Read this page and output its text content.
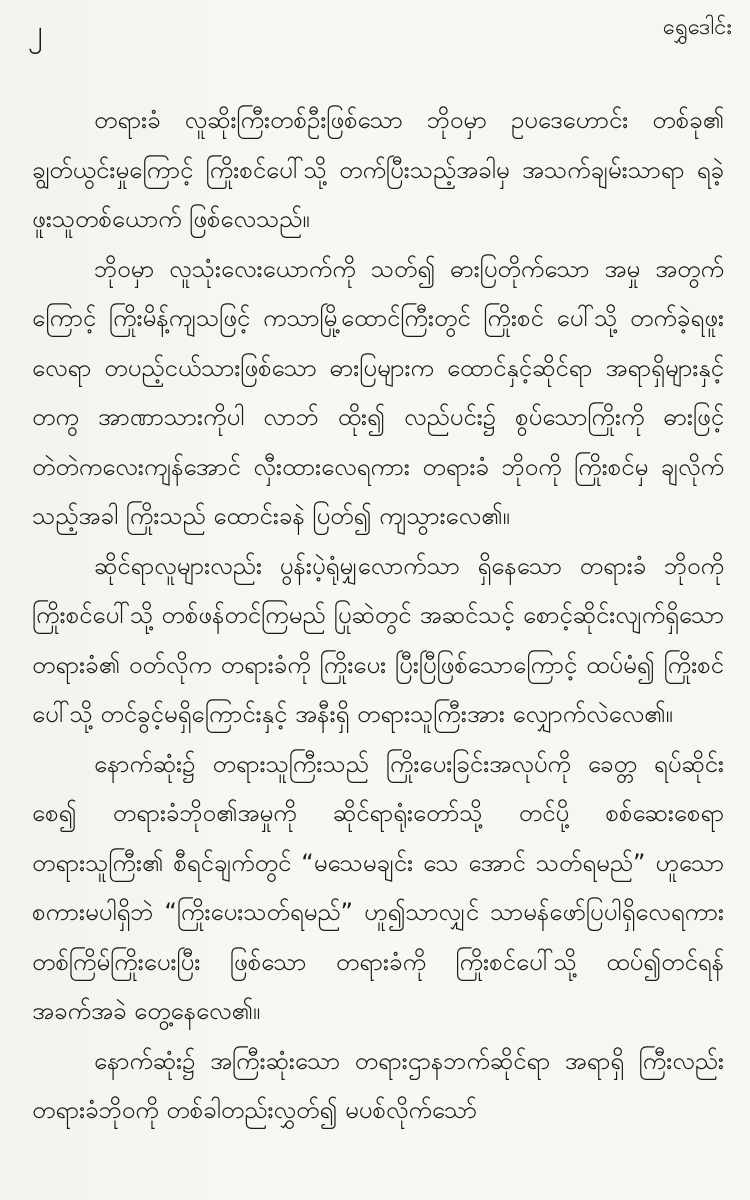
၂	ရွှေဒေါင်း

တရားခံ လူဆိုးကြီးတစ်ဦးဖြစ်သော ဘိုဝမှာ ဥပဒေဟောင်း တစ်ခု၏ ချွတ်ယွင်းမှုကြောင့် ကြိုးစင်ပေါ်သို့ တက်ပြီးသည့်အခါမှ အသက်ချမ်းသာရာ ရခဲ့ဖူးသူတစ်ယောက် ဖြစ်လေသည်။

ဘိုဝမှာ လူသုံးလေးယောက်ကို သတ်၍ ဓားပြတိုက်သော အမှု အတွက်ကြောင့် ကြိုးမိန့်ကျသဖြင့် ကသာမြို့ထောင်ကြီးတွင် ကြိုးစင် ပေါ်သို့ တက်ခဲ့ရဖူးလေရာ တပည့်ငယ်သားဖြစ်သော ဓားပြများက ထောင်နှင့်ဆိုင်ရာ အရာရှိများနှင့်တကွ အာဏာသားကိုပါ လာဘ် ထိုး၍ လည်ပင်း၌ စွပ်သောကြိုးကို ဓားဖြင့် တဲတဲကလေးကျန်အောင် လှီးထားလေရကား တရားခံ ဘိုဝကို ကြိုးစင်မှ ချလိုက်သည့်အခါ ကြိုးသည် ထောင်းခနဲ ပြတ်၍ ကျသွားလေ၏။

ဆိုင်ရာလူများလည်း ပွန်းပဲ့ရုံမျှလောက်သာ ရှိနေသော တရားခံ ဘိုဝကို ကြိုးစင်ပေါ်သို့ တစ်ဖန်တင်ကြမည် ပြုဆဲတွင် အဆင်သင့် စောင့်ဆိုင်းလျက်ရှိသော တရားခံ၏ ဝတ်လိုက တရားခံကို ကြိုးပေး ပြီးပြီဖြစ်သောကြောင့် ထပ်မံ၍ ကြိုးစင်ပေါ်သို့ တင်ခွင့်မရှိကြောင်းနှင့် အနီးရှိ တရားသူကြီးအား လျှောက်လဲလေ၏။

နောက်ဆုံး၌ တရားသူကြီးသည် ကြိုးပေးခြင်းအလုပ်ကို ခေတ္တ ရပ်ဆိုင်းစေ၍ တရားခံဘိုဝ၏အမှုကို ဆိုင်ရာရုံးတော်သို့ တင်ပို့ စစ်ဆေးစေရာ တရားသူကြီး၏ စီရင်ချက်တွင် “မသေမချင်း သေ အောင် သတ်ရမည်” ဟူသော စကားမပါရှိဘဲ “ကြိုးပေးသတ်ရမည်” ဟူ၍သာလျှင် သာမန်ဖော်ပြပါရှိလေရကား တစ်ကြိမ်ကြိုးပေးပြီး ဖြစ်သော တရားခံကို ကြိုးစင်ပေါ်သို့ ထပ်၍တင်ရန် အခက်အခဲ တွေ့နေလေ၏။

နောက်ဆုံး၌ အကြီးဆုံးသော တရားဌာနဘက်ဆိုင်ရာ အရာရှိ ကြီးလည်း တရားခံဘိုဝကို တစ်ခါတည်းလွှတ်၍ မပစ်လိုက်သော်
